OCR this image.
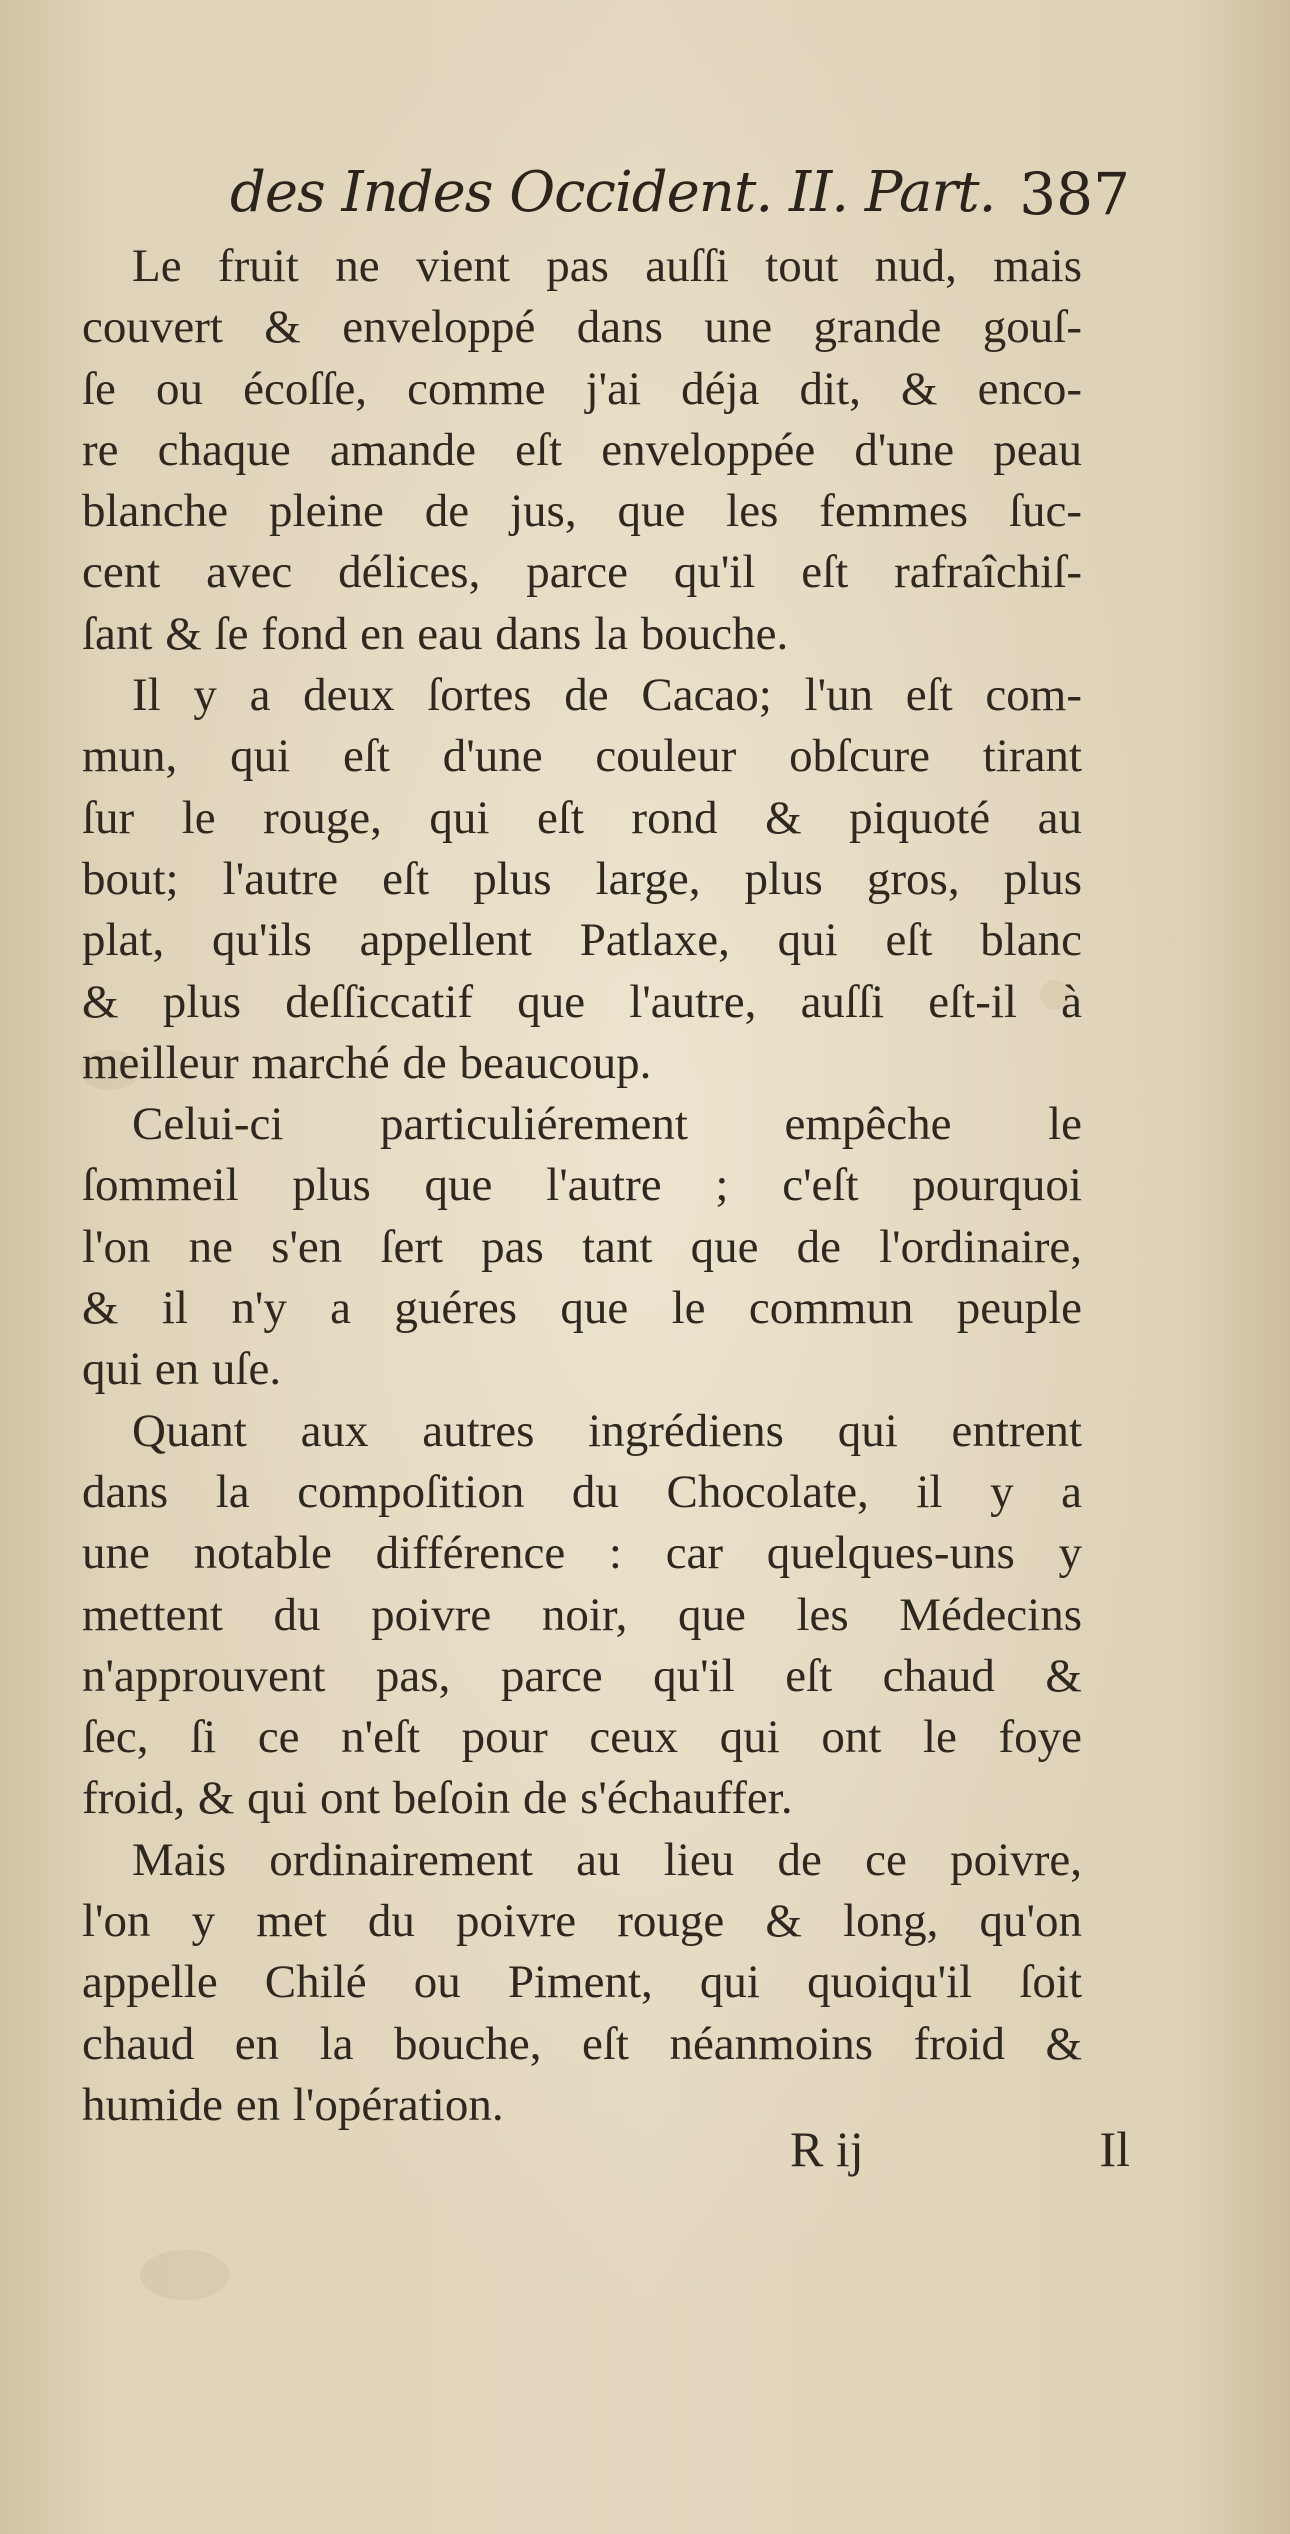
des Indes Occident. II. Part. 387

Le fruit ne vient pas auſſi tout nud, mais
couvert & enveloppé dans une grande gouſ-
ſe ou écoſſe, comme j'ai déja dit, & enco-
re chaque amande eſt enveloppée d'une peau
blanche pleine de jus, que les femmes ſuc-
cent avec délices, parce qu'il eſt rafraîchiſ-
ſant & ſe fond en eau dans la bouche.

Il y a deux ſortes de Cacao; l'un eſt com-
mun, qui eſt d'une couleur obſcure tirant
ſur le rouge, qui eſt rond & piquoté au
bout; l'autre eſt plus large, plus gros, plus
plat, qu'ils appellent Patlaxe, qui eſt blanc
& plus deſſiccatif que l'autre, auſſi eſt-il à
meilleur marché de beaucoup.

Celui-ci particuliérement empêche le
ſommeil plus que l'autre ; c'eſt pourquoi
l'on ne s'en ſert pas tant que de l'ordinaire,
& il n'y a guéres que le commun peuple
qui en uſe.

Quant aux autres ingrédiens qui entrent
dans la compoſition du Chocolate, il y a
une notable différence : car quelques-uns y
mettent du poivre noir, que les Médecins
n'approuvent pas, parce qu'il eſt chaud &
ſec, ſi ce n'eſt pour ceux qui ont le foye
froid, & qui ont beſoin de s'échauffer.

Mais ordinairement au lieu de ce poivre,
l'on y met du poivre rouge & long, qu'on
appelle Chilé ou Piment, qui quoiqu'il ſoit
chaud en la bouche, eſt néanmoins froid &
humide en l'opération.

R ij	Il
